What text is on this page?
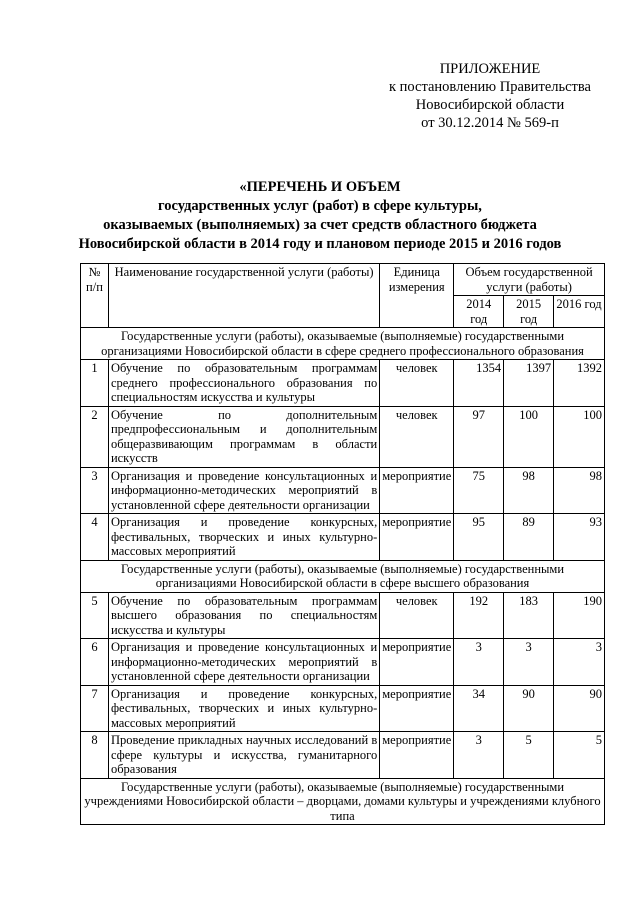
ПРИЛОЖЕНИЕ
к постановлению Правительства
Новосибирской области
от 30.12.2014 № 569-п
«ПЕРЕЧЕНЬ И ОБЪЕМ
государственных услуг (работ) в сфере культуры,
оказываемых (выполняемых) за счет средств областного бюджета
Новосибирской области в 2014 году и плановом периоде 2015 и 2016 годов
№ п/п	Наименование государственной услуги (работы)	Единица измерения	Объем государственной услуги (работы)		
			2014 год	2015 год	2016 год
Государственные услуги (работы), оказываемые (выполняемые) государственными организациями Новосибирской области в сфере среднего профессионального образования					
1	Обучение по образовательным программам среднего профессионального образования по специальностям искусства и культуры	человек	1354	1397	1392
2	Обучение по дополнительным предпрофессиональным и дополнительным общеразвивающим программам в области искусств	человек	97	100	100
3	Организация и проведение консультационных и информационно-методических мероприятий в установленной сфере деятельности организации	мероприятие	75	98	98
4	Организация и проведение конкурсных, фестивальных, творческих и иных культурно-массовых мероприятий	мероприятие	95	89	93
Государственные услуги (работы), оказываемые (выполняемые) государственными организациями Новосибирской области в сфере высшего образования					
5	Обучение по образовательным программам высшего образования по специальностям искусства и культуры	человек	192	183	190
6	Организация и проведение консультационных и информационно-методических мероприятий в установленной сфере деятельности организации	мероприятие	3	3	3
7	Организация и проведение конкурсных, фестивальных, творческих и иных культурно-массовых мероприятий	мероприятие	34	90	90
8	Проведение прикладных научных исследований в сфере культуры и искусства, гуманитарного образования	мероприятие	3	5	5
Государственные услуги (работы), оказываемые (выполняемые) государственными учреждениями Новосибирской области – дворцами, домами культуры и учреждениями клубного типа					
